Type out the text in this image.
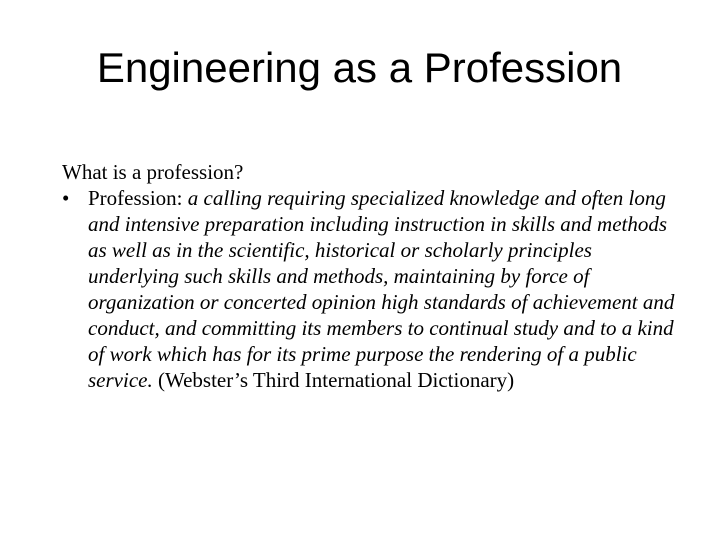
Engineering as a Profession

What is a profession?

• Profession: a calling requiring specialized knowledge and often long and intensive preparation including instruction in skills and methods as well as in the scientific, historical or scholarly principles underlying such skills and methods, maintaining by force of organization or concerted opinion high standards of achievement and conduct, and committing its members to continual study and to a kind of work which has for its prime purpose the rendering of a public service. (Webster’s Third International Dictionary)
